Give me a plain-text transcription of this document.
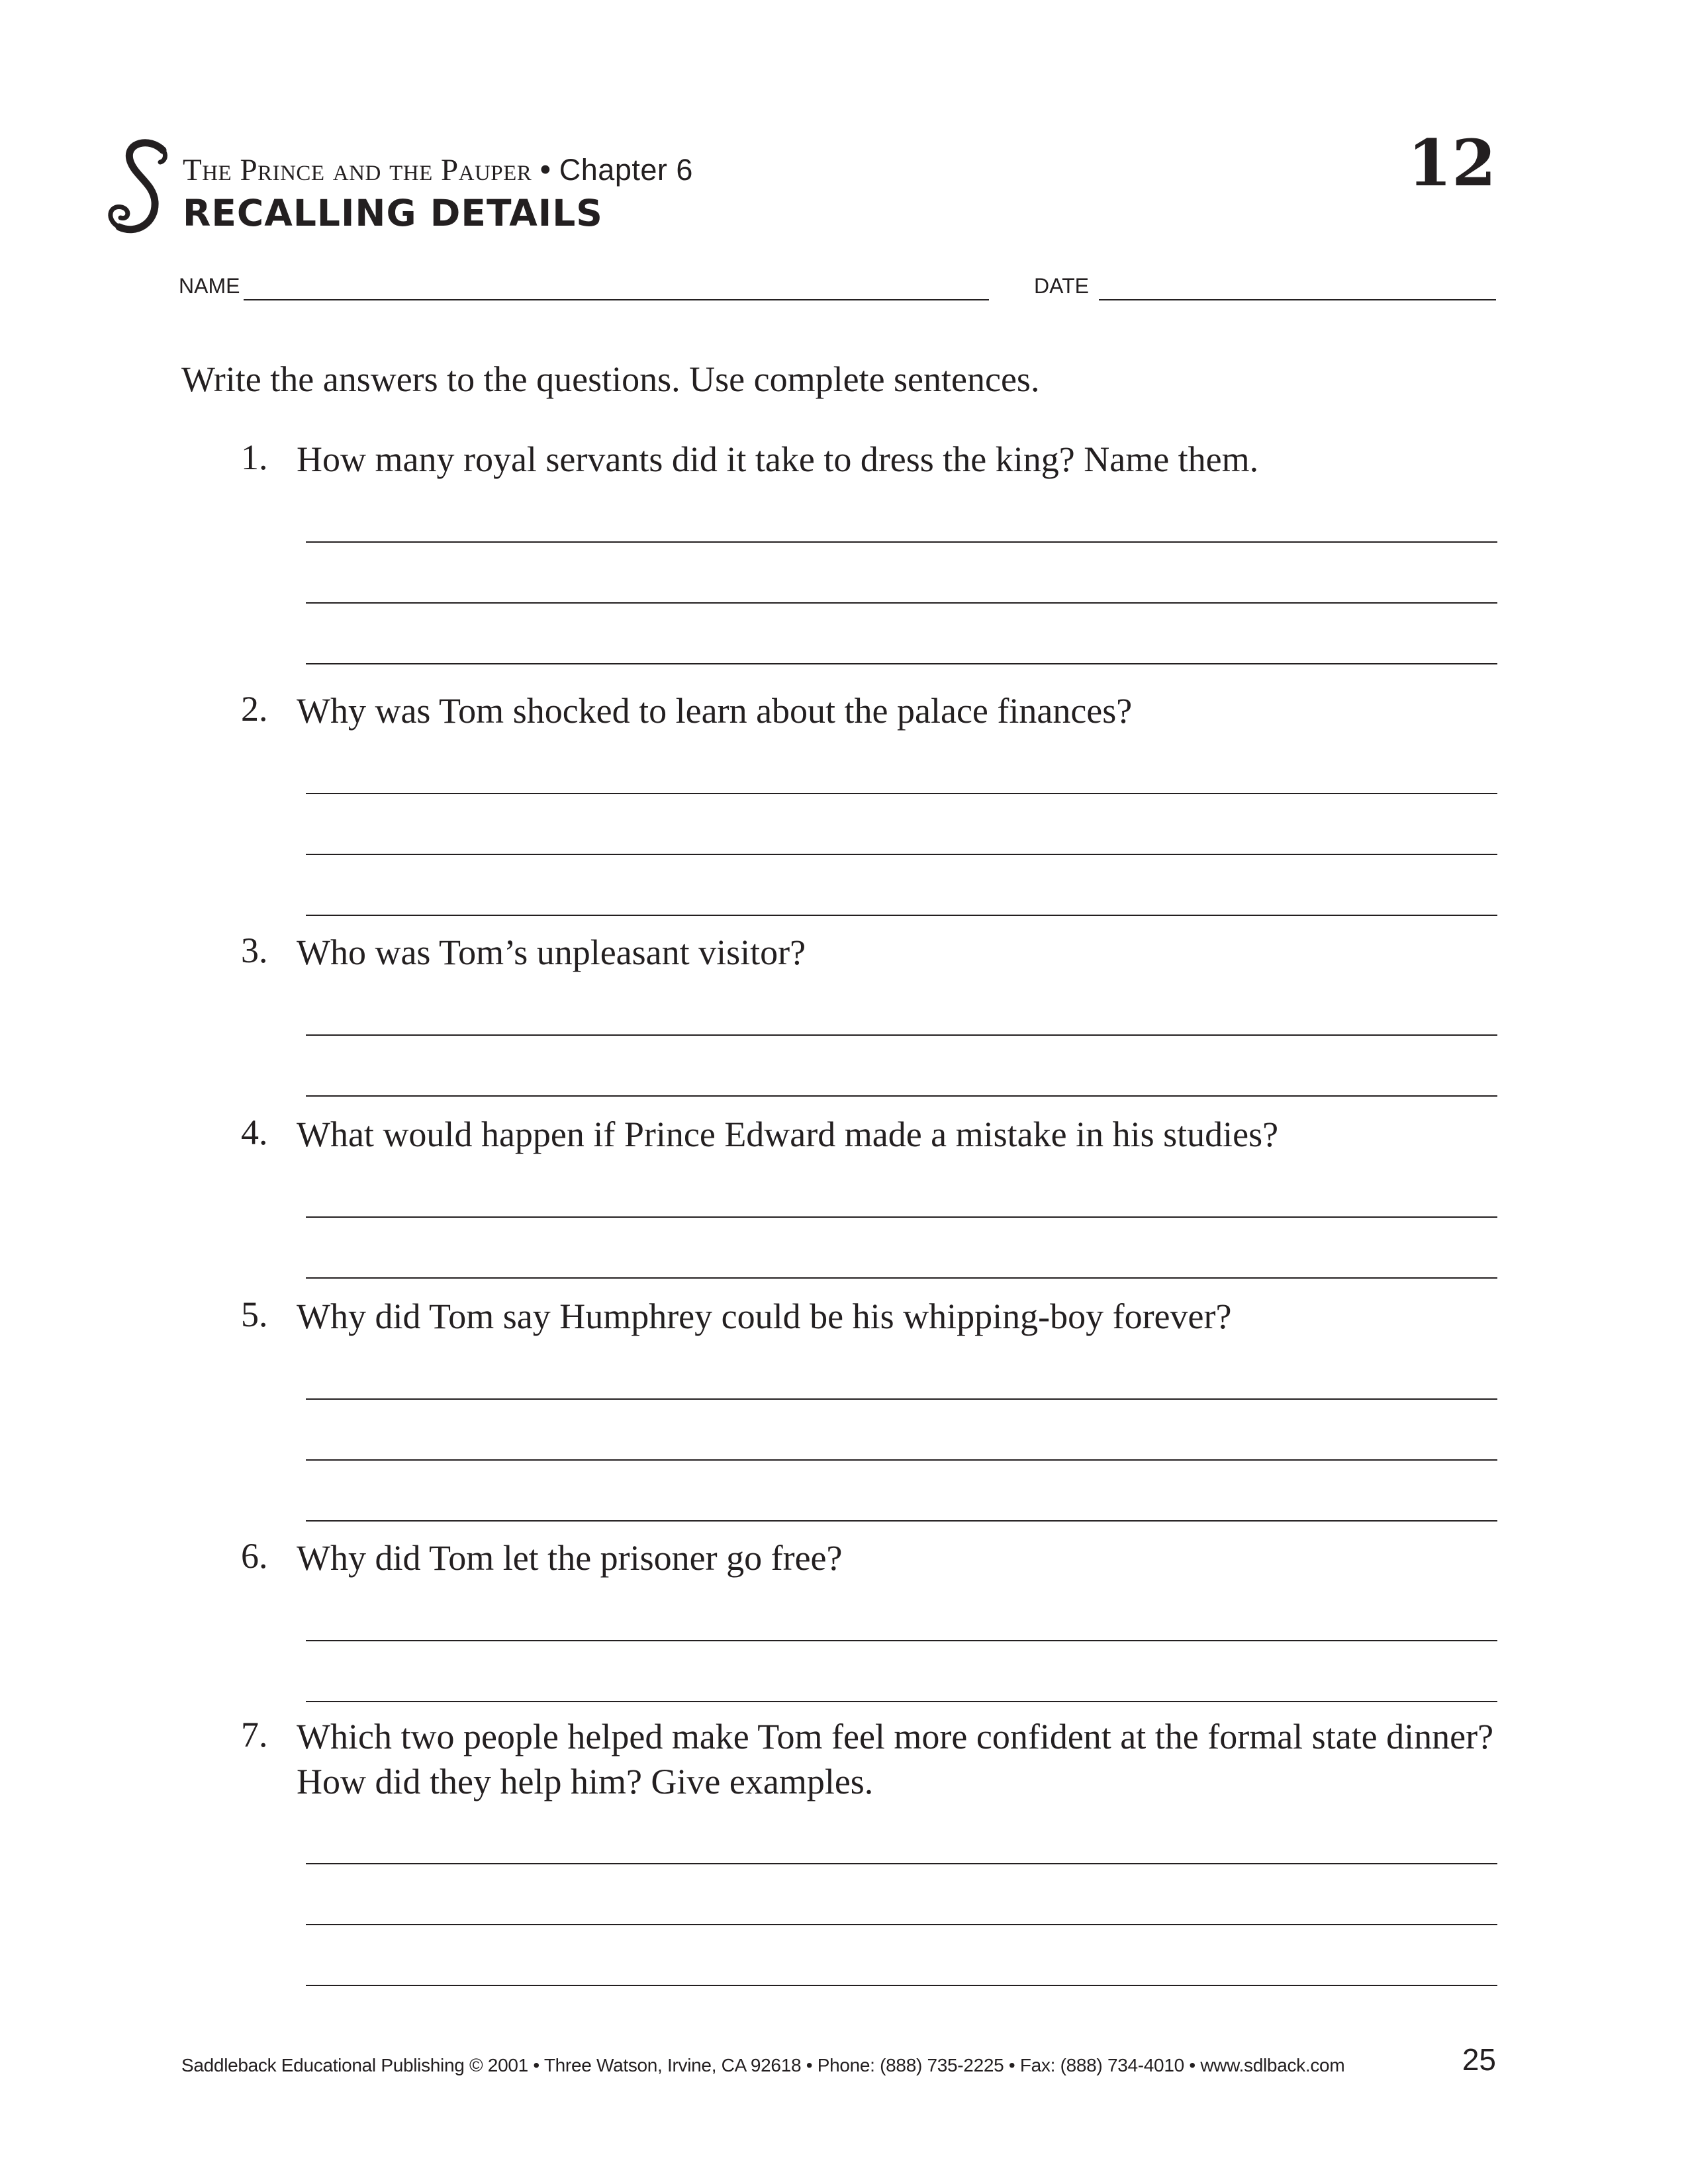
The Prince and the Pauper • Chapter 6
RECALLING DETAILS
12
NAME	DATE
Write the answers to the questions. Use complete sentences.
1. How many royal servants did it take to dress the king? Name them.
2. Why was Tom shocked to learn about the palace finances?
3. Who was Tom’s unpleasant visitor?
4. What would happen if Prince Edward made a mistake in his studies?
5. Why did Tom say Humphrey could be his whipping-boy forever?
6. Why did Tom let the prisoner go free?
7. Which two people helped make Tom feel more confident at the formal state dinner? How did they help him? Give examples.
Saddleback Educational Publishing © 2001 • Three Watson, Irvine, CA 92618 • Phone: (888) 735-2225 • Fax: (888) 734-4010 • www.sdlback.com	25
